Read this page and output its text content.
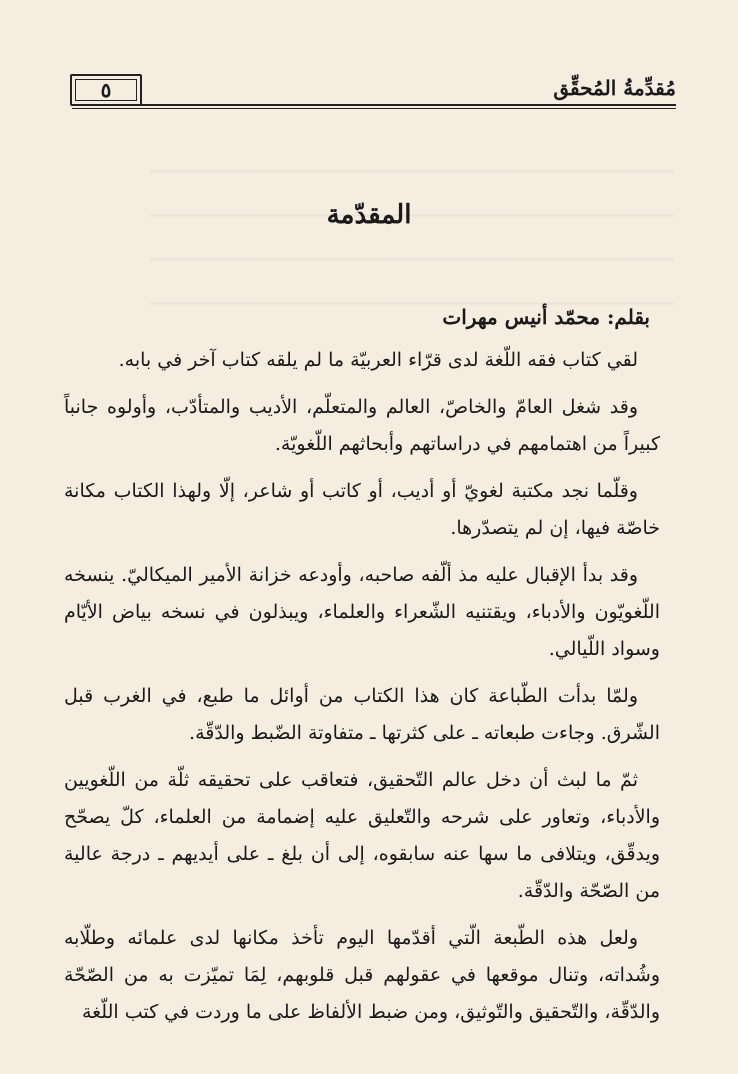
٥	مُقدِّمةُ المُحقِّق
المقدّمة
بقلم: محمّد أنيس مهرات

لقي كتاب فقه اللّغة لدى قرّاء العربيّة ما لم يلقه كتاب آخر في بابه.

وقد شغل العامّ والخاصّ، العالم والمتعلّم، الأديب والمتأدّب، وأولوه جانباً كبيراً من اهتمامهم في دراساتهم وأبحاثهم اللّغويّة.

وقلّما نجد مكتبة لغويّ أو أديب، أو كاتب أو شاعر، إلّا ولهذا الكتاب مكانة خاصّة فيها، إن لم يتصدّرها.

وقد بدأ الإقبال عليه مذ ألّفه صاحبه، وأودعه خزانة الأمير الميكاليّ. ينسخه اللّغويّون والأدباء، ويقتنيه الشّعراء والعلماء، ويبذلون في نسخه بياض الأيّام وسواد اللّيالي.

ولمّا بدأت الطّباعة كان هذا الكتاب من أوائل ما طبع، في الغرب قبل الشّرق. وجاءت طبعاته ـ على كثرتها ـ متفاوتة الضّبط والدّقّة.

ثمّ ما لبث أن دخل عالم التّحقيق، فتعاقب على تحقيقه ثلّة من اللّغويين والأدباء، وتعاور على شرحه والتّعليق عليه إضمامة من العلماء، كلّ يصحّح ويدقّق، ويتلافى ما سها عنه سابقوه، إلى أن بلغ ـ على أيديهم ـ درجة عالية من الصّحّة والدّقّة.

ولعل هذه الطّبعة الّتي أقدّمها اليوم تأخذ مكانها لدى علمائه وطلّابه وشُداته، وتنال موقعها في عقولهم قبل قلوبهم، لِمَا تميّزت به من الصّحّة والدّقّة، والتّحقيق والتّوثيق، ومن ضبط الألفاظ على ما وردت في كتب اللّغة
